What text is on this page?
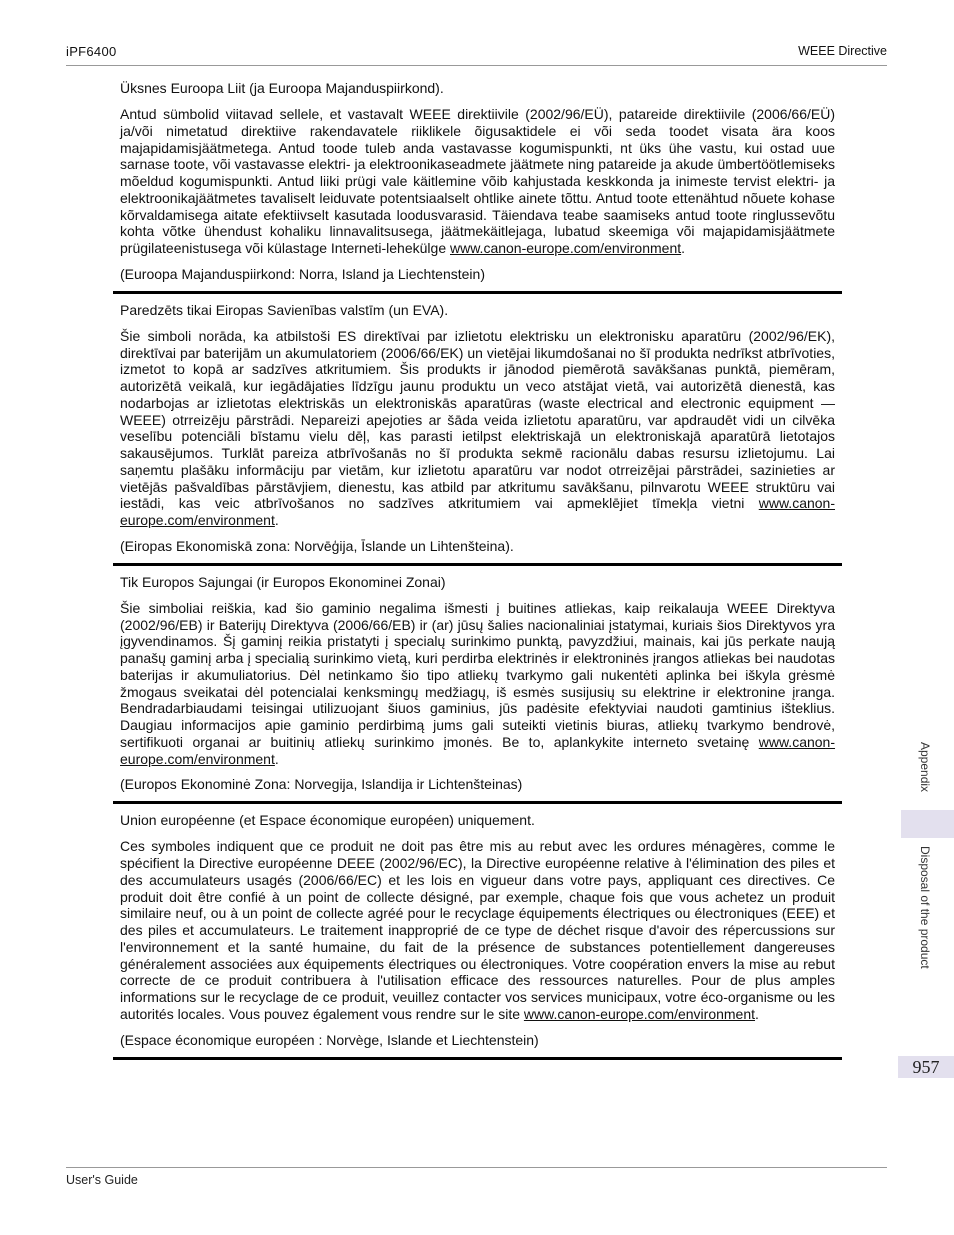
iPF6400	WEEE Directive

Üksnes Euroopa Liit (ja Euroopa Majanduspiirkond).

Antud sümbolid viitavad sellele, et vastavalt WEEE direktiivile (2002/96/EÜ), patareide direktiivile (2006/66/EÜ) ja/või nimetatud direktiive rakendavatele riiklikele õigusaktidele ei või seda toodet visata ära koos majapidamisjäätmetega. Antud toode tuleb anda vastavasse kogumispunkti, nt üks ühe vastu, kui ostad uue sarnase toote, või vastavasse elektri- ja elektroonikaseadmete jäätmete ning patareide ja akude ümbertöötlemiseks mõeldud kogumispunkti. Antud liiki prügi vale käitlemine võib kahjustada keskkonda ja inimeste tervist elektri- ja elektroonikajäätmetes tavaliselt leiduvate potentsiaalselt ohtlike ainete tõttu. Antud toote ettenähtud nõuete kohase kõrvaldamisega aitate efektiivselt kasutada loodusvarasid. Täiendava teabe saamiseks antud toote ringlussevõtu kohta võtke ühendust kohaliku linnavalitsusega, jäätmekäitlejaga, lubatud skeemiga või majapidamisjäätmete prügilateenistusega või külastage Interneti-lehekülge www.canon-europe.com/environment.

(Euroopa Majanduspiirkond: Norra, Island ja Liechtenstein)

Paredzēts tikai Eiropas Savienības valstīm (un EVA).

Šie simboli norāda, ka atbilstoši ES direktīvai par izlietotu elektrisku un elektronisku aparatūru (2002/96/EK), direktīvai par baterijām un akumulatoriem (2006/66/EK) un vietējai likumdošanai no šī produkta nedrīkst atbrīvoties, izmetot to kopā ar sadzīves atkritumiem. Šis produkts ir jānodod piemērotā savākšanas punktā, piemēram, autorizētā veikalā, kur iegādājaties līdzīgu jaunu produktu un veco atstājat vietā, vai autorizētā dienestā, kas nodarbojas ar izlietotas elektriskās un elektroniskās aparatūras (waste electrical and electronic equipment — WEEE) otrreizēju pārstrādi. Nepareizi apejoties ar šāda veida izlietotu aparatūru, var apdraudēt vidi un cilvēka veselību potenciāli bīstamu vielu dēļ, kas parasti ietilpst elektriskajā un elektroniskajā aparatūrā lietotajos sakausējumos. Turklāt pareiza atbrīvošanās no šī produkta sekmē racionālu dabas resursu izlietojumu. Lai saņemtu plašāku informāciju par vietām, kur izlietotu aparatūru var nodot otrreizējai pārstrādei, sazinieties ar vietējās pašvaldības pārstāvjiem, dienestu, kas atbild par atkritumu savākšanu, pilnvarotu WEEE struktūru vai iestādi, kas veic atbrīvošanos no sadzīves atkritumiem vai apmeklējiet tīmekļa vietni www.canon-europe.com/environment.

(Eiropas Ekonomiskā zona: Norvēģija, Īslande un Lihtenšteina).

Tik Europos Sajungai (ir Europos Ekonominei Zonai)

Šie simboliai reiškia, kad šio gaminio negalima išmesti į buitines atliekas, kaip reikalauja WEEE Direktyva (2002/96/EB) ir Baterijų Direktyva (2006/66/EB) ir (ar) jūsų šalies nacionaliniai įstatymai, kuriais šios Direktyvos yra įgyvendinamos. Šį gaminį reikia pristatyti į specialų surinkimo punktą, pavyzdžiui, mainais, kai jūs perkate naują panašų gaminį arba į specialią surinkimo vietą, kuri perdirba elektrinės ir elektroninės įrangos atliekas bei naudotas baterijas ir akumuliatorius. Dėl netinkamo šio tipo atliekų tvarkymo gali nukentėti aplinka bei iškyla grėsmė žmogaus sveikatai dėl potencialai kenksmingų medžiagų, iš esmės susijusių su elektrine ir elektronine įranga. Bendradarbiaudami teisingai utilizuojant šiuos gaminius, jūs padėsite efektyviai naudoti gamtinius išteklius. Daugiau informacijos apie gaminio perdirbimą jums gali suteikti vietinis biuras, atliekų tvarkymo bendrovė, sertifikuoti organai ar buitinių atliekų surinkimo įmonės. Be to, aplankykite interneto svetainę www.canon-europe.com/environment.

(Europos Ekonominė Zona: Norvegija, Islandija ir Lichtenšteinas)

Union européenne (et Espace économique européen) uniquement.

Ces symboles indiquent que ce produit ne doit pas être mis au rebut avec les ordures ménagères, comme le spécifient la Directive européenne DEEE (2002/96/EC), la Directive européenne relative à l'élimination des piles et des accumulateurs usagés (2006/66/EC) et les lois en vigueur dans votre pays, appliquant ces directives. Ce produit doit être confié à un point de collecte désigné, par exemple, chaque fois que vous achetez un produit similaire neuf, ou à un point de collecte agréé pour le recyclage équipements électriques ou électroniques (EEE) et des piles et accumulateurs. Le traitement inapproprié de ce type de déchet risque d'avoir des répercussions sur l'environnement et la santé humaine, du fait de la présence de substances potentiellement dangereuses généralement associées aux équipements électriques ou électroniques. Votre coopération envers la mise au rebut correcte de ce produit contribuera à l'utilisation efficace des ressources naturelles. Pour de plus amples informations sur le recyclage de ce produit, veuillez contacter vos services municipaux, votre éco-organisme ou les autorités locales. Vous pouvez également vous rendre sur le site www.canon-europe.com/environment.

(Espace économique européen : Norvège, Islande et Liechtenstein)

Appendix
Disposal of the product
957
User's Guide
